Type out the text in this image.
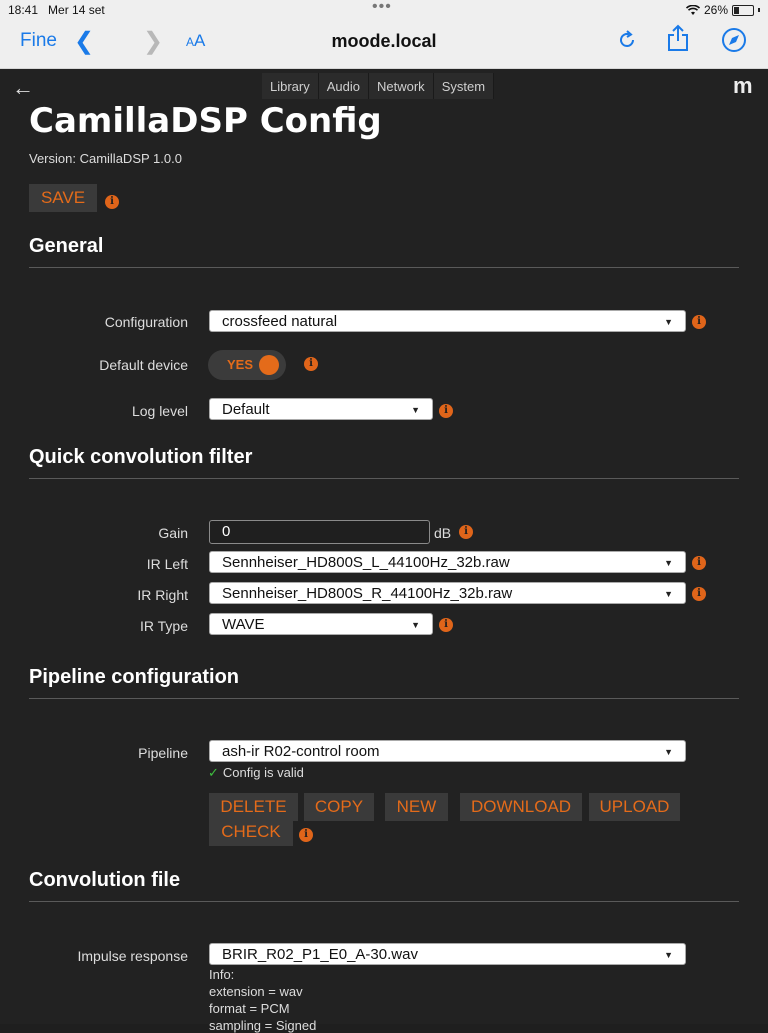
18:41 Mer 14 set	•••	26%
Fine ❮ ❯ AA	moode.local
←	Library	Audio	Network	System	m
CamillaDSP Config
Version: CamillaDSP 1.0.0
SAVE	i
General
Configuration	crossfeed natural	▼	i
Default device	YES	i
Log level	Default	▼	i
Quick convolution filter
Gain	0	dB	i
IR Left	Sennheiser_HD800S_L_44100Hz_32b.raw	▼	i
IR Right	Sennheiser_HD800S_R_44100Hz_32b.raw	▼	i
IR Type	WAVE	▼	i
Pipeline configuration
Pipeline	ash-ir R02-control room	▼
✓ Config is valid
DELETE	COPY	NEW	DOWNLOAD	UPLOAD
CHECK	i
Convolution file
Impulse response	BRIR_R02_P1_E0_A-30.wav	▼
Info:
extension = wav
format = PCM
sampling = Signed
